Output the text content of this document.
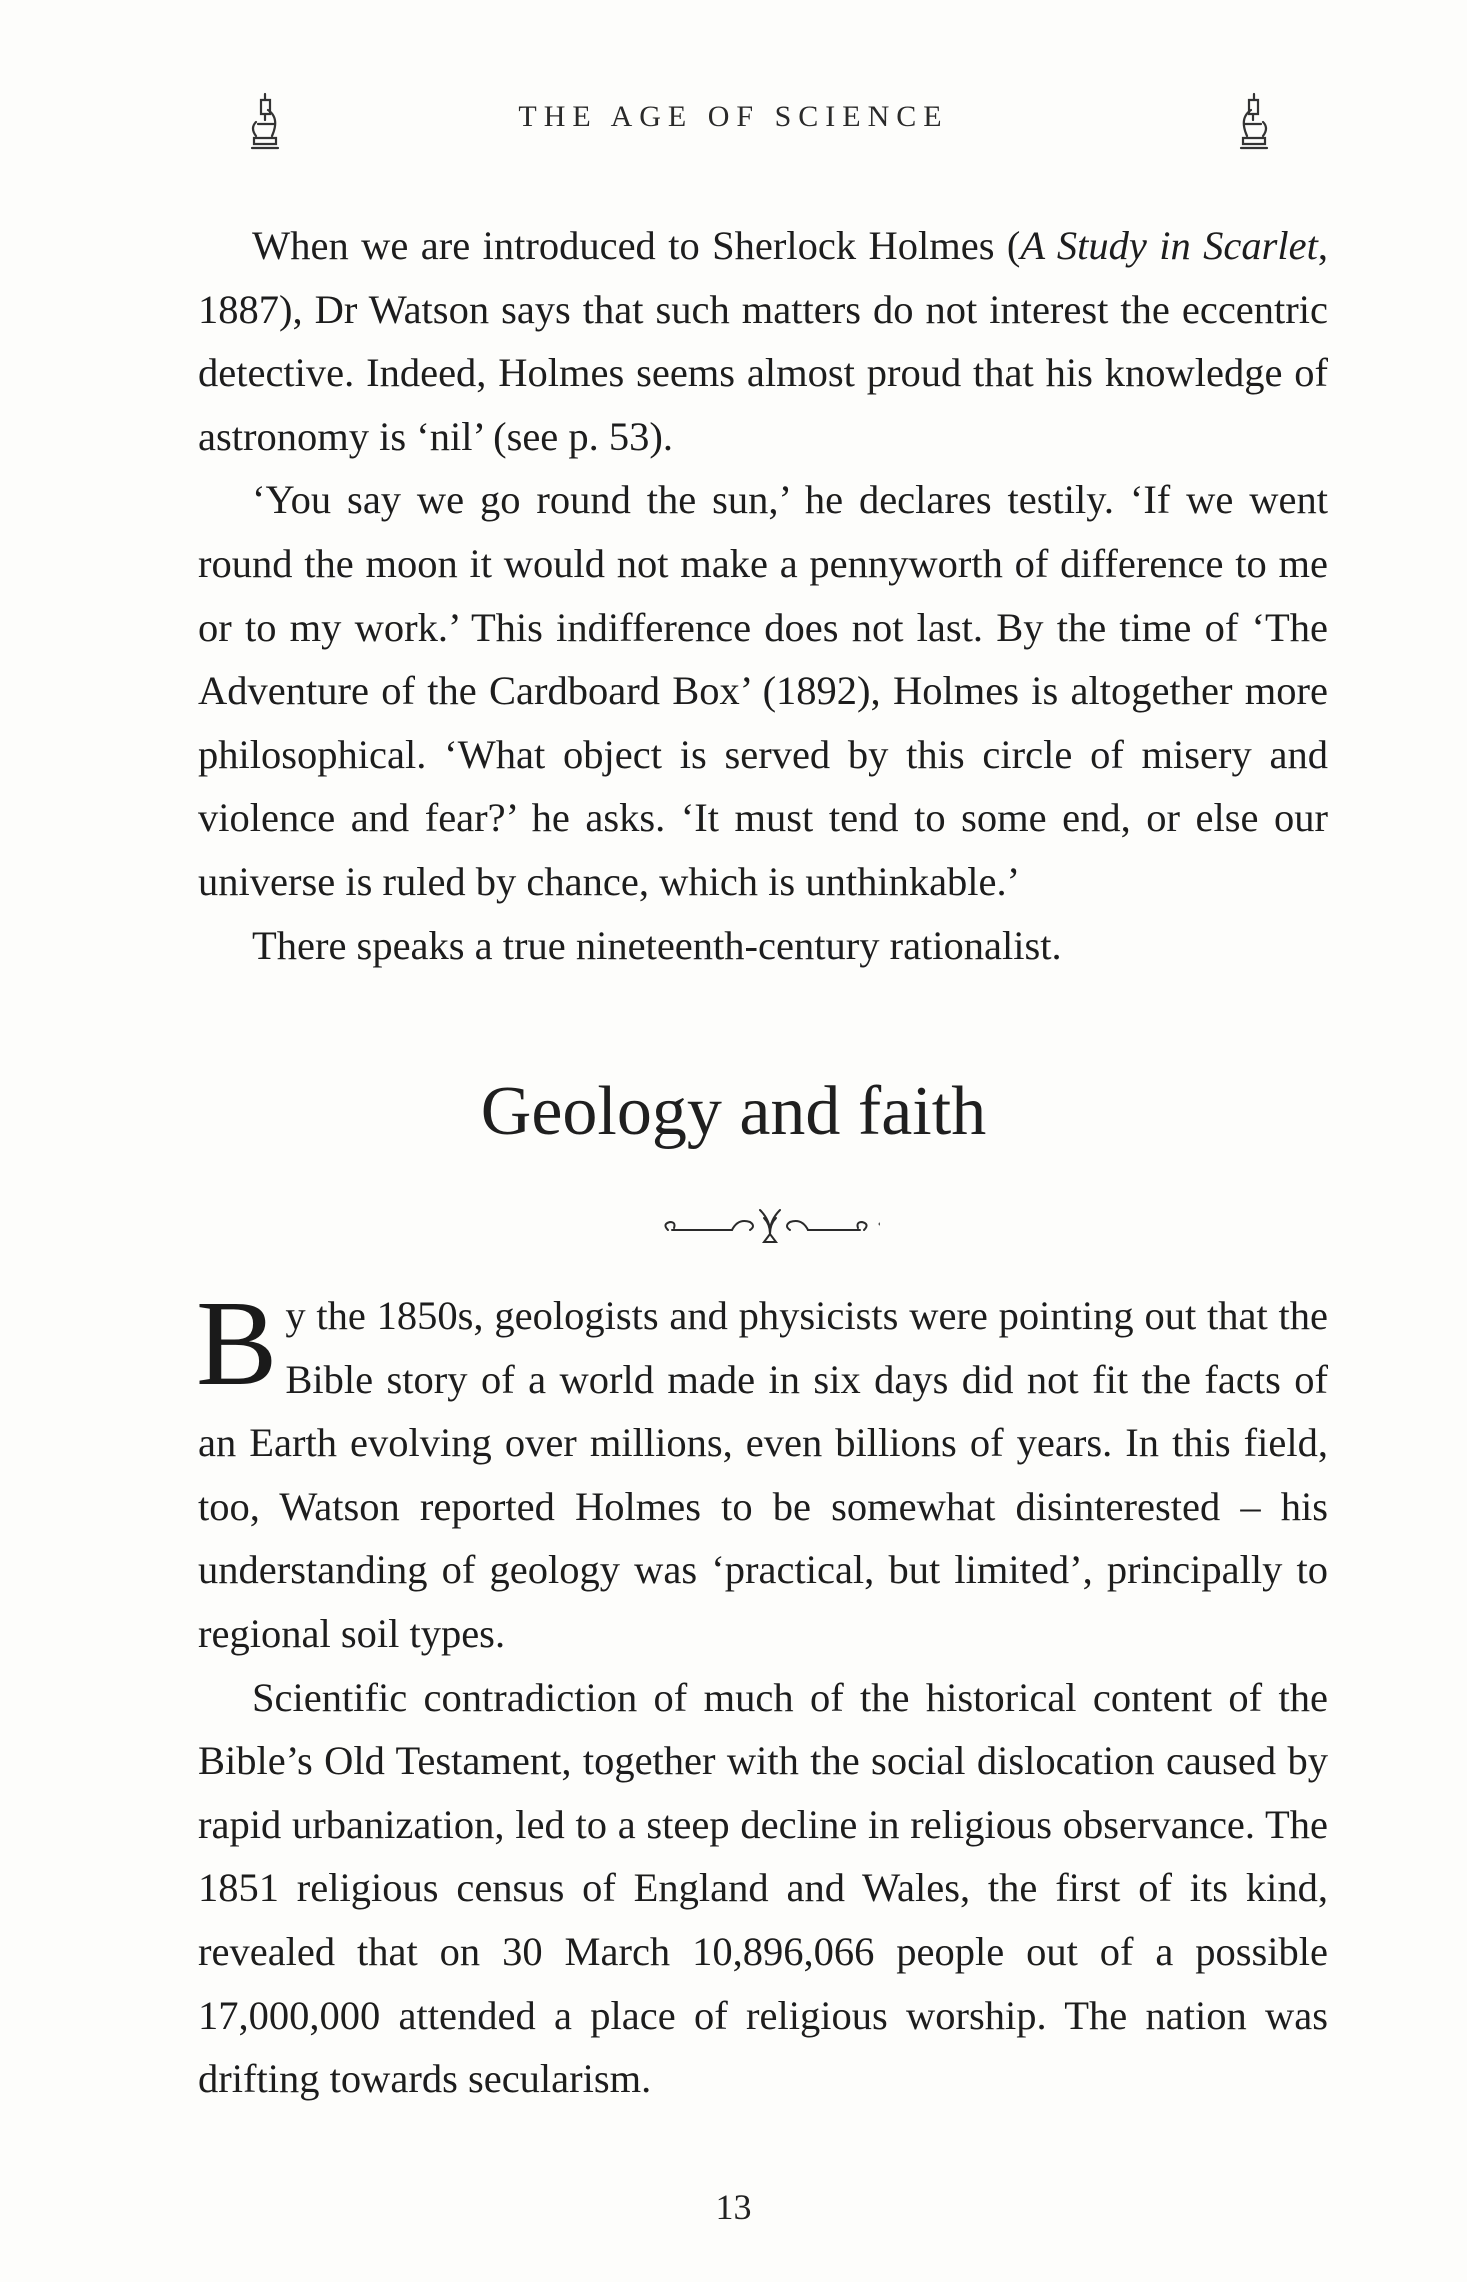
THE AGE OF SCIENCE

When we are introduced to Sherlock Holmes (A Study in Scarlet, 1887), Dr Watson says that such matters do not interest the eccentric detective. Indeed, Holmes seems almost proud that his knowledge of astronomy is ‘nil’ (see p. 53).

‘You say we go round the sun,’ he declares testily. ‘If we went round the moon it would not make a pennyworth of difference to me or to my work.’ This indifference does not last. By the time of ‘The Adventure of the Cardboard Box’ (1892), Holmes is altogether more philosophical. ‘What object is served by this circle of misery and violence and fear?’ he asks. ‘It must tend to some end, or else our universe is ruled by chance, which is unthinkable.’

There speaks a true nineteenth-century rationalist.

Geology and faith

By the 1850s, geologists and physicists were pointing out that the Bible story of a world made in six days did not fit the facts of an Earth evolving over millions, even billions of years. In this field, too, Watson reported Holmes to be somewhat disinterested – his understanding of geology was ‘practical, but limited’, principally to regional soil types.

Scientific contradiction of much of the historical content of the Bible’s Old Testament, together with the social dislocation caused by rapid urbanization, led to a steep decline in religious observance. The 1851 religious census of England and Wales, the first of its kind, revealed that on 30 March 10,896,066 people out of a possible 17,000,000 attended a place of religious worship. The nation was drifting towards secularism.

13
